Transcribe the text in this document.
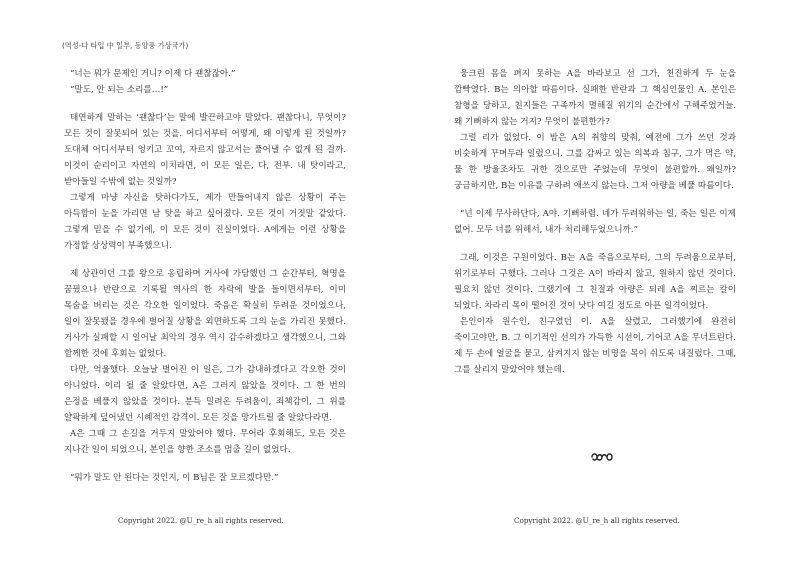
(역성-다 타입 中 일부, 동양풍 가상국가)

“너는 뭐가 문제인 거니? 이제 다 괜찮잖아.”

“말도, 안 되는 소리를…!”

태연하게 말하는 ‘괜찮다’는 말에 발끈하고야 말았다. 괜찮다니, 무엇이? 모든 것이 잘못되어 있는 것을. 어디서부터 어떻게, 왜 이렇게 된 것일까? 도대체 어디서부터 엉키고 꼬여, 자르지 않고서는 풀어낼 수 없게 된 걸까. 이것이 순리이고 자연의 이치라면, 이 모든 일은, 다, 전부. 내 탓이라고, 받아들일 수밖에 없는 것일까?

그렇게 마냥 자신을 탓하다가도, 제가 만들어내지 않은 상황이 주는 아득함이 눈을 가리면 남 탓을 하고 싶어졌다. 모든 것이 거짓말 같았다. 그렇게 믿을 수 없기에, 이 모든 것이 진실이었다. A에게는 이런 상황을 가정할 상상력이 부족했으니.

제 상관이던 그를 왕으로 옹립하며 거사에 가담했던 그 순간부터, 혁명을 꿈꿨으나 반란으로 기록될 역사의 한 자락에 발을 들이면서부터, 이미 목숨을 버리는 것은 각오한 일이었다. 죽음은 확실히 두려운 것이었으나, 일이 잘못됐을 경우에 벌어질 상황을 외면하도록 그의 눈을 가리진 못했다. 거사가 실패할 시 일어날 최악의 경우 역시 감수하겠다고 생각했으니, 그와 함께한 것에 후회는 없었다.

다만, 억울했다. 오늘날 벌어진 이 일은, 그가 감내하겠다고 각오한 것이 아니었다. 이리 될 줄 알았다면, A은 그러지 않았을 것이다. 그 한 번의 은정을 베풀지 않았을 것이다. 분득 밀려온 두려움이, 죄책감이, 그 위를 얄팍하게 덮어냈던 시혜적인 감격이. 모든 것을 망가트릴 줄 알았다라면.

A은 그때 그 손길을 거두지 말았어야 했다. 무어라 후회해도, 모든 것은 지나간 일이 되었으니, 본인을 향한 조소를 멈출 길이 없었다.

“뭐가 말도 안 된다는 것인지, 이 B님은 잘 모르겠다만.”

웅크린 몸을 펴지 못하는 A을 바라보고 선 그가, 천진하게 두 눈을 깜빡였다. B는 의아할 따름이다. 실패한 반란과 그 핵심인물인 A. 본인은 참형을 당하고, 친지들은 구족까지 멸해질 위기의 순간에서 구해주었거늘. 왜 기뻐하지 않는 거지? 무엇이 불편한가?

그럴 리가 없었다. 이 밤은 A의 취향의 맞춰, 예전에 그가 쓰던 것과 비슷하게 꾸며두라 일렀으니. 그를 감싸고 있는 의복과 침구, 그가 먹은 약, 물 한 방울조차도 귀한 것으로만 주었는데 무엇이 불편할까. 왜일까? 궁금하지만, B는 이유를 구하려 애쓰지 않는다. 그저 아량을 베풀 따름이다.

“넌 이제 무사하단다, A야. 기뻐하렴. 네가 두려워하는 일, 죽는 일은 이제 없어. 모두 너를 위해서, 내가 처리해두었으니까.”

그래, 이것은 구원이었다. B는 A을 죽음으로부터, 그의 두려움으로부터, 위기로부터 구했다. 그러나 그것은 A이 바라지 않고, 원하지 않던 것이다. 필요치 않던 것이다. 그랬기에 그 친절과 아량은 되레 A을 찌르는 칼이 되었다. 차라리 목이 떨어진 것이 낫다 여길 정도로 아픈 일격이었다.

은인이자 원수인, 친구였던 이. A을 살렸고, 그러했기에 완전히 죽이고야만, B. 그 이기적인 선의가 가득한 시선이, 기어코 A을 무너트린다. 제 두 손에 얼굴을 묻고, 삼켜지지 않는 비명을 목이 쉬도록 내질렀다. 그때, 그를 살리지 말았어야 했는데.

Copyright 2022. @U_re_h all rights reserved.	Copyright 2022. @U_re_h all rights reserved.
